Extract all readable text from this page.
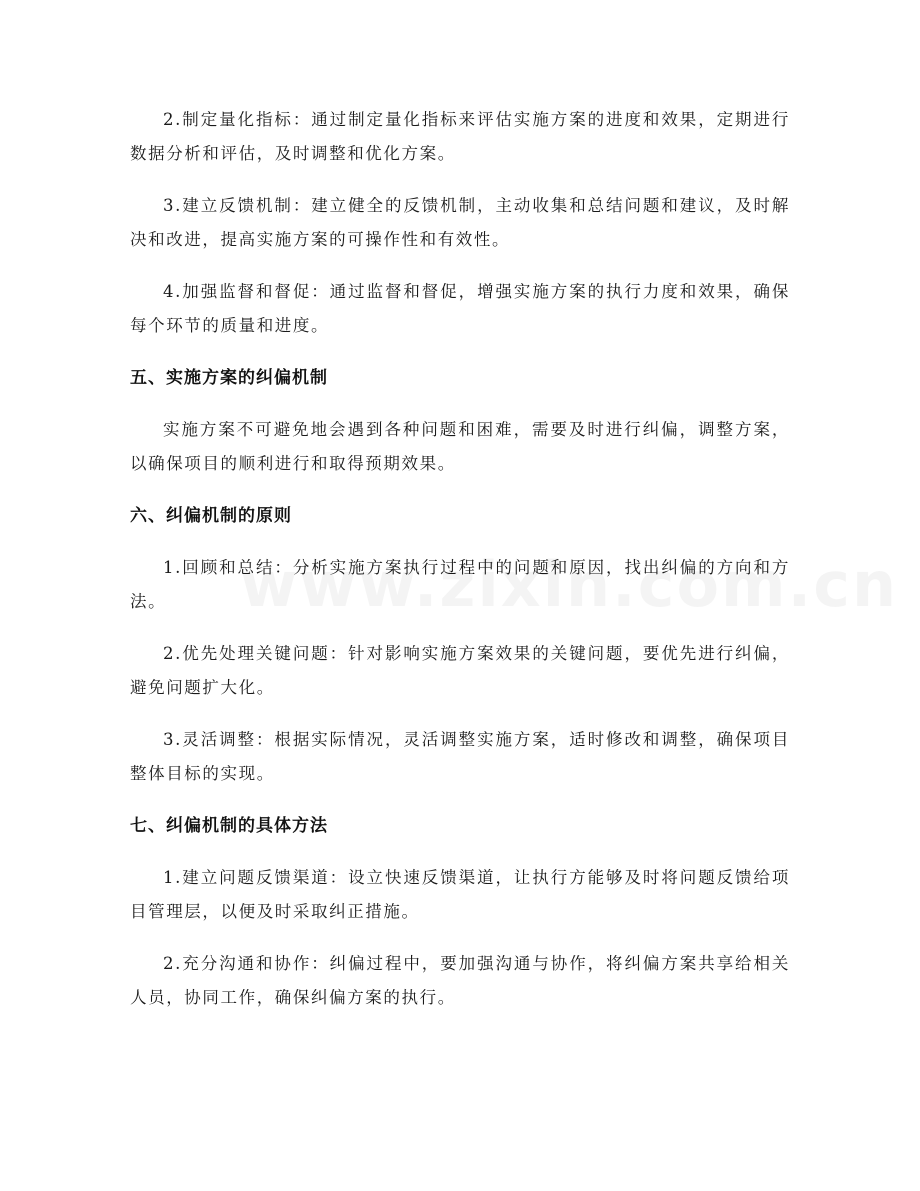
2.制定量化指标：通过制定量化指标来评估实施方案的进度和效果，定期进行数据分析和评估，及时调整和优化方案。

3.建立反馈机制：建立健全的反馈机制，主动收集和总结问题和建议，及时解决和改进，提高实施方案的可操作性和有效性。

4.加强监督和督促：通过监督和督促，增强实施方案的执行力度和效果，确保每个环节的质量和进度。

五、实施方案的纠偏机制

实施方案不可避免地会遇到各种问题和困难，需要及时进行纠偏，调整方案，以确保项目的顺利进行和取得预期效果。

六、纠偏机制的原则

1.回顾和总结：分析实施方案执行过程中的问题和原因，找出纠偏的方向和方法。

2.优先处理关键问题：针对影响实施方案效果的关键问题，要优先进行纠偏，避免问题扩大化。

3.灵活调整：根据实际情况，灵活调整实施方案，适时修改和调整，确保项目整体目标的实现。

七、纠偏机制的具体方法

1.建立问题反馈渠道：设立快速反馈渠道，让执行方能够及时将问题反馈给项目管理层，以便及时采取纠正措施。

2.充分沟通和协作：纠偏过程中，要加强沟通与协作，将纠偏方案共享给相关人员，协同工作，确保纠偏方案的执行。
